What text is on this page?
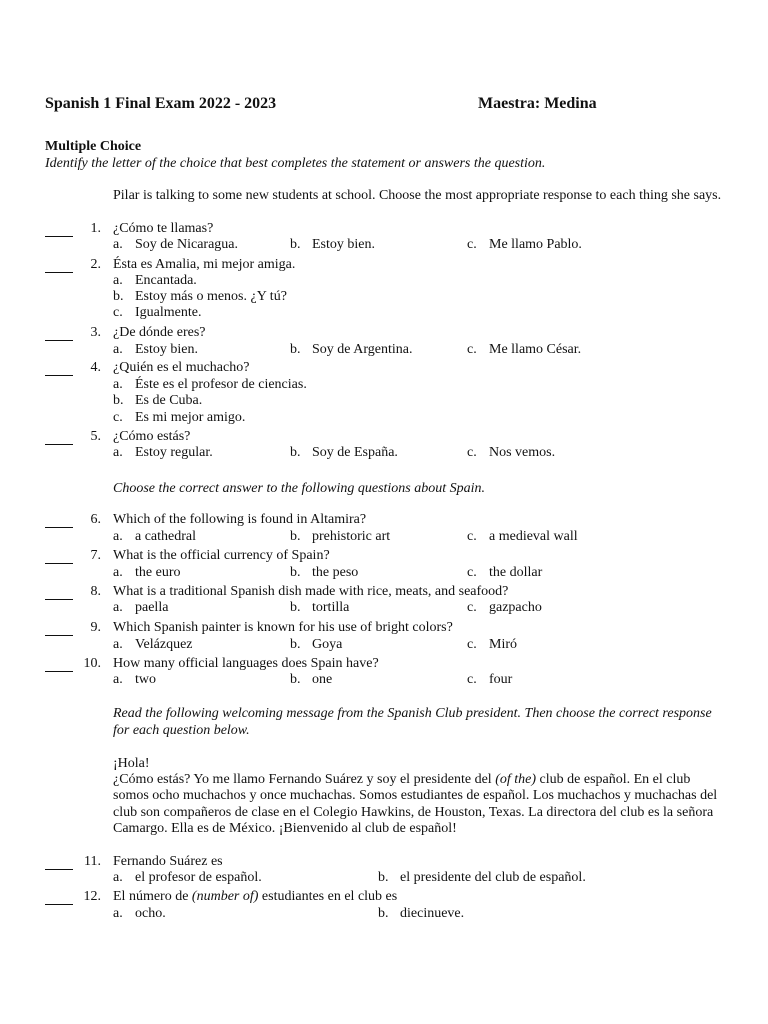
Spanish 1 Final Exam 2022 - 2023	Maestra: Medina
Multiple Choice
Identify the letter of the choice that best completes the statement or answers the question.
Pilar is talking to some new students at school. Choose the most appropriate response to each thing she says.
1. ¿Cómo te llamas?
a. Soy de Nicaragua.	b. Estoy bien.	c. Me llamo Pablo.
2. Ésta es Amalia, mi mejor amiga.
a. Encantada.
b. Estoy más o menos. ¿Y tú?
c. Igualmente.
3. ¿De dónde eres?
a. Estoy bien.	b. Soy de Argentina.	c. Me llamo César.
4. ¿Quién es el muchacho?
a. Éste es el profesor de ciencias.
b. Es de Cuba.
c. Es mi mejor amigo.
5. ¿Cómo estás?
a. Estoy regular.	b. Soy de España.	c. Nos vemos.
Choose the correct answer to the following questions about Spain.
6. Which of the following is found in Altamira?
a. a cathedral	b. prehistoric art	c. a medieval wall
7. What is the official currency of Spain?
a. the euro	b. the peso	c. the dollar
8. What is a traditional Spanish dish made with rice, meats, and seafood?
a. paella	b. tortilla	c. gazpacho
9. Which Spanish painter is known for his use of bright colors?
a. Velázquez	b. Goya	c. Miró
10. How many official languages does Spain have?
a. two	b. one	c. four
Read the following welcoming message from the Spanish Club president. Then choose the correct response
for each question below.
¡Hola!
¿Cómo estás? Yo me llamo Fernando Suárez y soy el presidente del (of the) club de español. En el club somos ocho muchachos y once muchachas. Somos estudiantes de español. Los muchachos y muchachas del club son compañeros de clase en el Colegio Hawkins, de Houston, Texas. La directora del club es la señora Camargo. Ella es de México. ¡Bienvenido al club de español!
11. Fernando Suárez es
a. el profesor de español.	b. el presidente del club de español.
12. El número de (number of) estudiantes en el club es
a. ocho.	b. diecinueve.
